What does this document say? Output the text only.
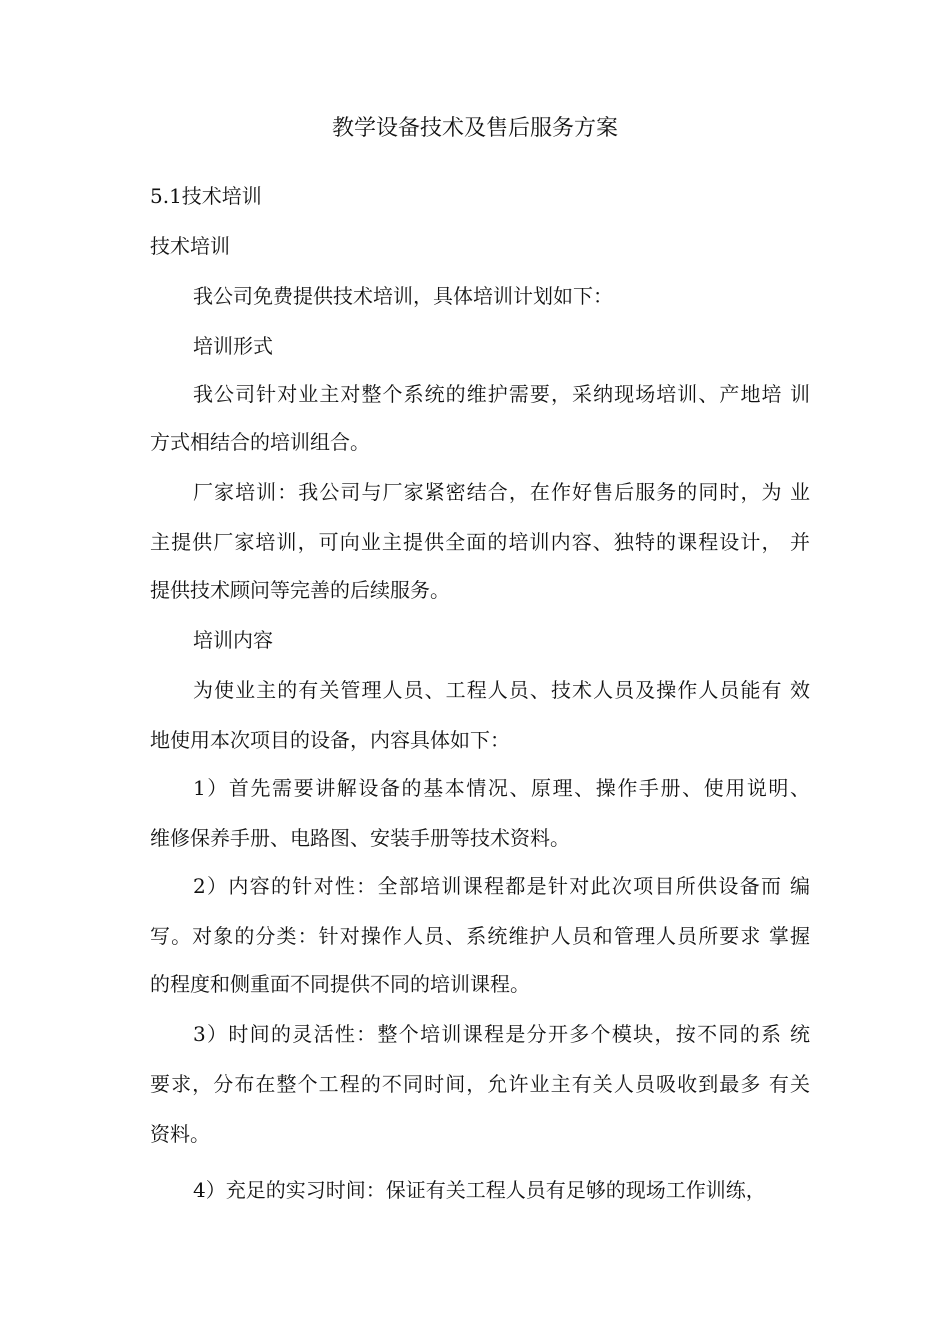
教学设备技术及售后服务方案
5.1技术培训
技术培训
我公司免费提供技术培训，具体培训计划如下：
培训形式
我公司针对业主对整个系统的维护需要，采纳现场培训、产地培 训
方式相结合的培训组合。
厂家培训：我公司与厂家紧密结合，在作好售后服务的同时，为 业
主提供厂家培训，可向业主提供全面的培训内容、独特的课程设计， 并
提供技术顾问等完善的后续服务。
培训内容
为使业主的有关管理人员、工程人员、技术人员及操作人员能有 效
地使用本次项目的设备，内容具体如下：
1）首先需要讲解设备的基本情况、原理、操作手册、使用说明、
维修保养手册、电路图、安装手册等技术资料。
2）内容的针对性：全部培训课程都是针对此次项目所供设备而 编
写。对象的分类：针对操作人员、系统维护人员和管理人员所要求 掌握
的程度和侧重面不同提供不同的培训课程。
3）时间的灵活性：整个培训课程是分开多个模块，按不同的系 统
要求，分布在整个工程的不同时间，允许业主有关人员吸收到最多 有关
资料。
4）充足的实习时间：保证有关工程人员有足够的现场工作训练，
